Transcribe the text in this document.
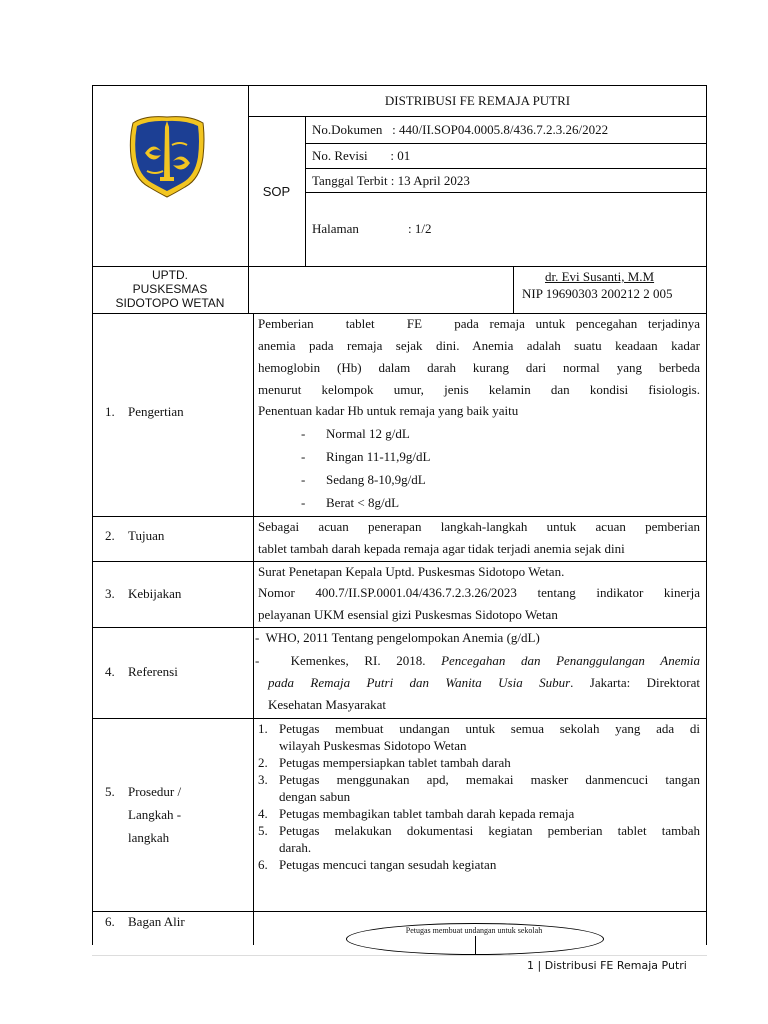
DISTRIBUSI FE REMAJA PUTRI
SOP
No.Dokumen   : 440/II.SOP04.0005.8/436.7.2.3.26/2022
No. Revisi       : 01
Tanggal Terbit : 13 April 2023
Halaman	: 1/2
UPTD.
PUSKESMAS
SIDOTOPO WETAN
dr. Evi Susanti, M.M
NIP 19690303 200212 2 005
1. Pengertian
Pemberian   tablet   FE   pada remaja untuk pencegahan terjadinya
anemia pada remaja sejak dini. Anemia adalah suatu keadaan kadar
hemoglobin (Hb) dalam darah kurang dari normal yang berbeda
menurut kelompok umur, jenis kelamin dan kondisi fisiologis.
Penentuan kadar Hb untuk remaja yang baik yaitu
- Normal 12 g/dL
- Ringan 11-11,9g/dL
- Sedang 8-10,9g/dL
- Berat < 8g/dL
2. Tujuan
Sebagai acuan penerapan langkah-langkah untuk acuan pemberian
tablet tambah darah kepada remaja agar tidak terjadi anemia sejak dini
3. Kebijakan
Surat Penetapan Kepala Uptd. Puskesmas Sidotopo Wetan.
Nomor  400.7/II.SP.0001.04/436.7.2.3.26/2023  tentang  indikator  kinerja
pelayanan UKM esensial gizi Puskesmas Sidotopo Wetan
4. Referensi
-  WHO, 2011 Tentang pengelompokan Anemia (g/dL)
-  Kemenkes, RI. 2018. Pencegahan dan Penanggulangan Anemia
pada Remaja Putri dan Wanita Usia Subur. Jakarta: Direktorat
Kesehatan Masyarakat
5. Prosedur /
Langkah -
langkah
1. Petugas membuat undangan untuk semua sekolah yang ada di
wilayah Puskesmas Sidotopo Wetan
2. Petugas mempersiapkan tablet tambah darah
3. Petugas menggunakan apd, memakai masker danmencuci tangan
dengan sabun
4. Petugas membagikan tablet tambah darah kepada remaja
5. Petugas melakukan dokumentasi kegiatan pemberian tablet tambah
darah.
6. Petugas mencuci tangan sesudah kegiatan
6. Bagan Alir
Petugas membuat undangan untuk sekolah
1 | Distribusi FE Remaja Putri
